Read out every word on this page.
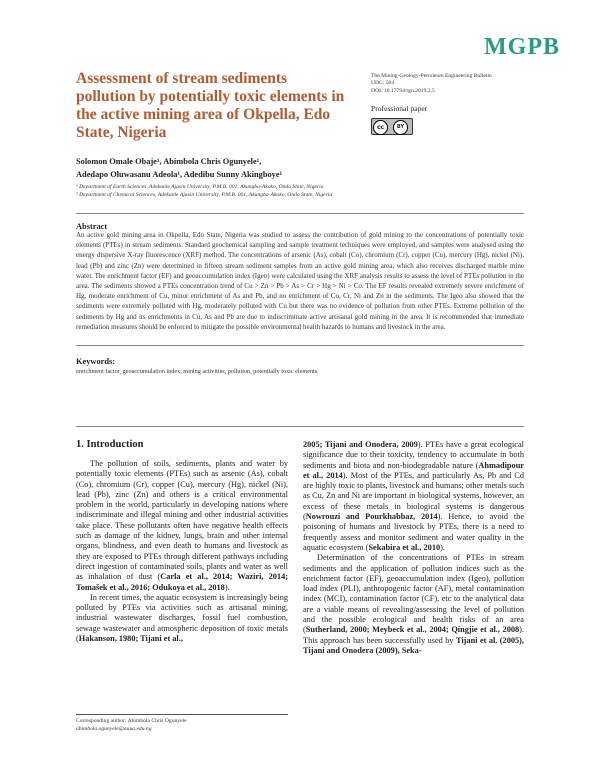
MGPB
Assessment of stream sediments pollution by potentially toxic elements in the active mining area of Okpella, Edo State, Nigeria
The Mining-Geology-Petroleum Engineering Bulletin
UDC: 504
DOI: 10.17794/rgn.2019.2.5
Professional paper
cc	BY
Solomon Omale Obaje¹, Abimbola Chris Ogunyele¹,
Adedapo Oluwasanu Adeola¹, Adedibu Sunny Akingboye¹
¹ Department of Earth Sciences, Adekunle Ajasin University, P.M.B. 001, Akungba-Akoko, Ondo State, Nigeria
² Department of Chemical Sciences, Adekunle Ajasin University, P.M.B. 001, Akungba-Akoko, Ondo State, Nigeria
Abstract

An active gold mining area in Okpella, Edo State, Nigeria was studied to assess the contribution of gold mining to the concentrations of potentially toxic elements (PTEs) in stream sediments. Standard geochemical sampling and sample treatment techniques were employed, and samples were analysed using the energy dispersive X-ray fluorescence (XRF) method. The concentrations of arsenic (As), cobalt (Co), chromium (Cr), copper (Cu), mercury (Hg), nickel (Ni), lead (Pb) and zinc (Zn) were determined in fifteen stream sediment samples from an active gold mining area, which also receives discharged marble mine water. The enrichment factor (EF) and geoaccumulation index (Igeo) were calculated using the XRF analysis results to assess the level of PTEs pollution in the area. The sediments showed a PTEs concentration trend of Cu > Zn > Pb > As > Cr > Hg > Ni > Co. The EF results revealed extremely severe enrichment of Hg, moderate enrichment of Cu, minor enrichment of As and Pb, and no enrichment of Co, Cr, Ni and Zn in the sediments. The Igeo also showed that the sediments were extremely polluted with Hg, moderately polluted with Cu but there was no evidence of pollution from other PTEs. Extreme pollution of the sediments by Hg and its enrichments in Cu, As and Pb are due to indiscriminate active artisanal gold mining in the area. It is recommended that immediate remediation measures should be enforced to mitigate the possible environmental health hazards to humans and livestock in the area.

Keywords:
enrichment factor, geoaccumulation index, mining activities, pollution, potentially toxic elements.
1. Introduction

The pollution of soils, sediments, plants and water by potentially toxic elements (PTEs) such as arsenic (As), cobalt (Co), chromium (Cr), copper (Cu), mercury (Hg), nickel (Ni), lead (Pb), zinc (Zn) and others is a critical environmental problem in the world, particularly in developing nations where indiscriminate and illegal mining and other industrial activities take place. These pollutants often have negative health effects such as damage of the kidney, lungs, brain and other internal organs, blindness, and even death to humans and livestock as they are exposed to PTEs through different pathways including direct ingestion of contaminated soils, plants and water as well as inhalation of dust (Carla et al., 2014; Waziri, 2014; Tomašek et al., 2016; Odukoya et al., 2018).

In recent times, the aquatic ecosystem is increasingly being polluted by PTEs via activities such as artisanal mining, industrial wastewater discharges, fossil fuel combustion, sewage wastewater and atmospheric deposition of toxic metals (Hakanson, 1980; Tijani et al.,

2005; Tijani and Onodera, 2009). PTEs have a great ecological significance due to their toxicity, tendency to accumulate in both sediments and biota and non-biodegradable nature (Ahmadipour et al., 2014). Most of the PTEs, and particularly As, Pb and Cd are highly toxic to plants, livestock and humans; other metals such as Cu, Zn and Ni are important in biological systems, however, an excess of these metals in biological systems is dangerous (Nowrouzi and Pourkhabbaz, 2014). Hence, to avoid the poisoning of humans and livestock by PTEs, there is a need to frequently assess and monitor sediment and water quality in the aquatic ecosystem (Sekabira et al., 2010).

Determination of the concentrations of PTEs in stream sediments and the application of pollution indices such as the enrichment factor (EF), geoaccumulation index (Igeo), pollution load index (PLI), anthropogenic factor (AF), metal contamination index (MCI), contamination factor (CF), etc to the analytical data are a viable means of revealing/assessing the level of pollution and the possible ecological and health risks of an area (Sutherland, 2000; Meybeck et al., 2004; Qingjie et al., 2008). This approach has been successfully used by Tijani et al. (2005), Tijani and Onodera (2009), Seka-

Corresponding author: Abimbola Chris Ogunyele
abimbola.ogunyele@aaua.edu.ng
